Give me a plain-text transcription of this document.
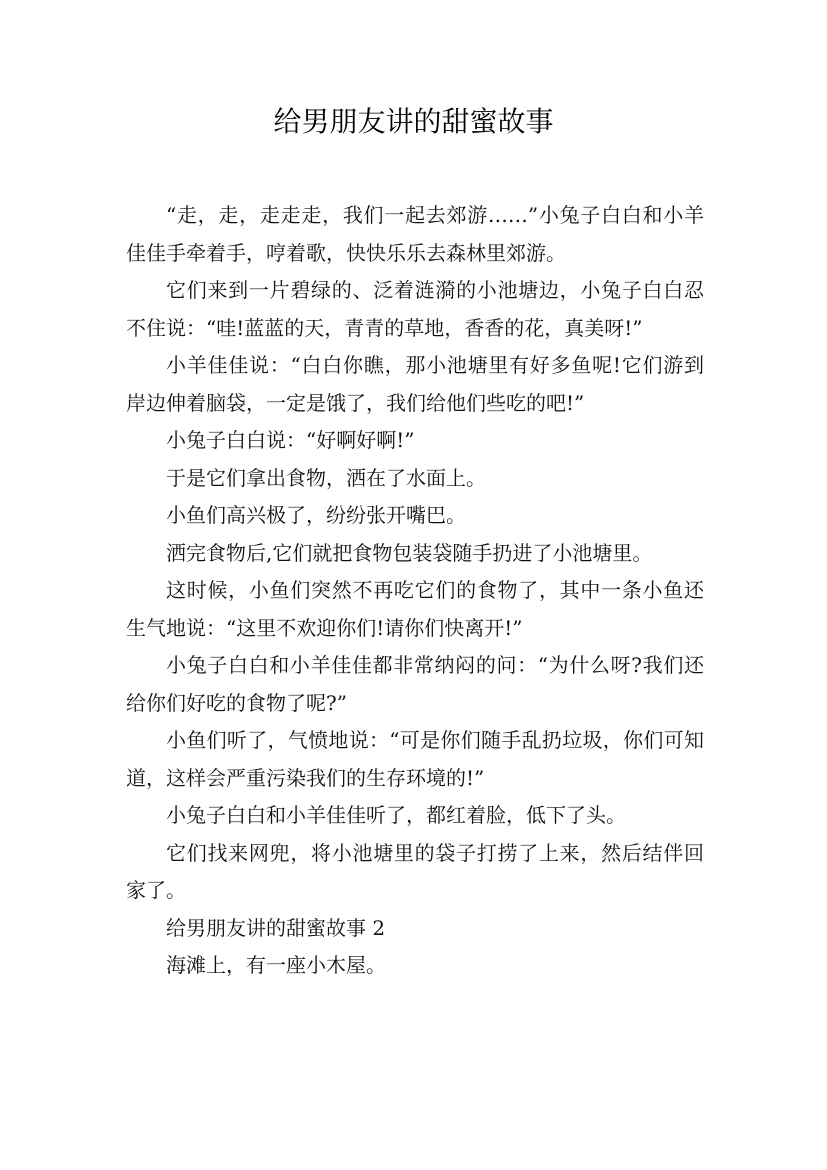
给男朋友讲的甜蜜故事

“走，走，走走走，我们一起去郊游……”小兔子白白和小羊佳佳手牵着手，哼着歌，快快乐乐去森林里郊游。

它们来到一片碧绿的、泛着涟漪的小池塘边，小兔子白白忍不住说：“哇!蓝蓝的天，青青的草地，香香的花，真美呀!”

小羊佳佳说：“白白你瞧，那小池塘里有好多鱼呢!它们游到岸边伸着脑袋，一定是饿了，我们给他们些吃的吧!”

小兔子白白说：“好啊好啊!”

于是它们拿出食物，洒在了水面上。

小鱼们高兴极了，纷纷张开嘴巴。

洒完食物后,它们就把食物包装袋随手扔进了小池塘里。

这时候，小鱼们突然不再吃它们的食物了，其中一条小鱼还生气地说：“这里不欢迎你们!请你们快离开!”

小兔子白白和小羊佳佳都非常纳闷的问：“为什么呀?我们还给你们好吃的食物了呢?”

小鱼们听了，气愤地说：“可是你们随手乱扔垃圾，你们可知道，这样会严重污染我们的生存环境的!”

小兔子白白和小羊佳佳听了，都红着脸，低下了头。

它们找来网兜，将小池塘里的袋子打捞了上来，然后结伴回家了。

给男朋友讲的甜蜜故事 2

海滩上，有一座小木屋。
